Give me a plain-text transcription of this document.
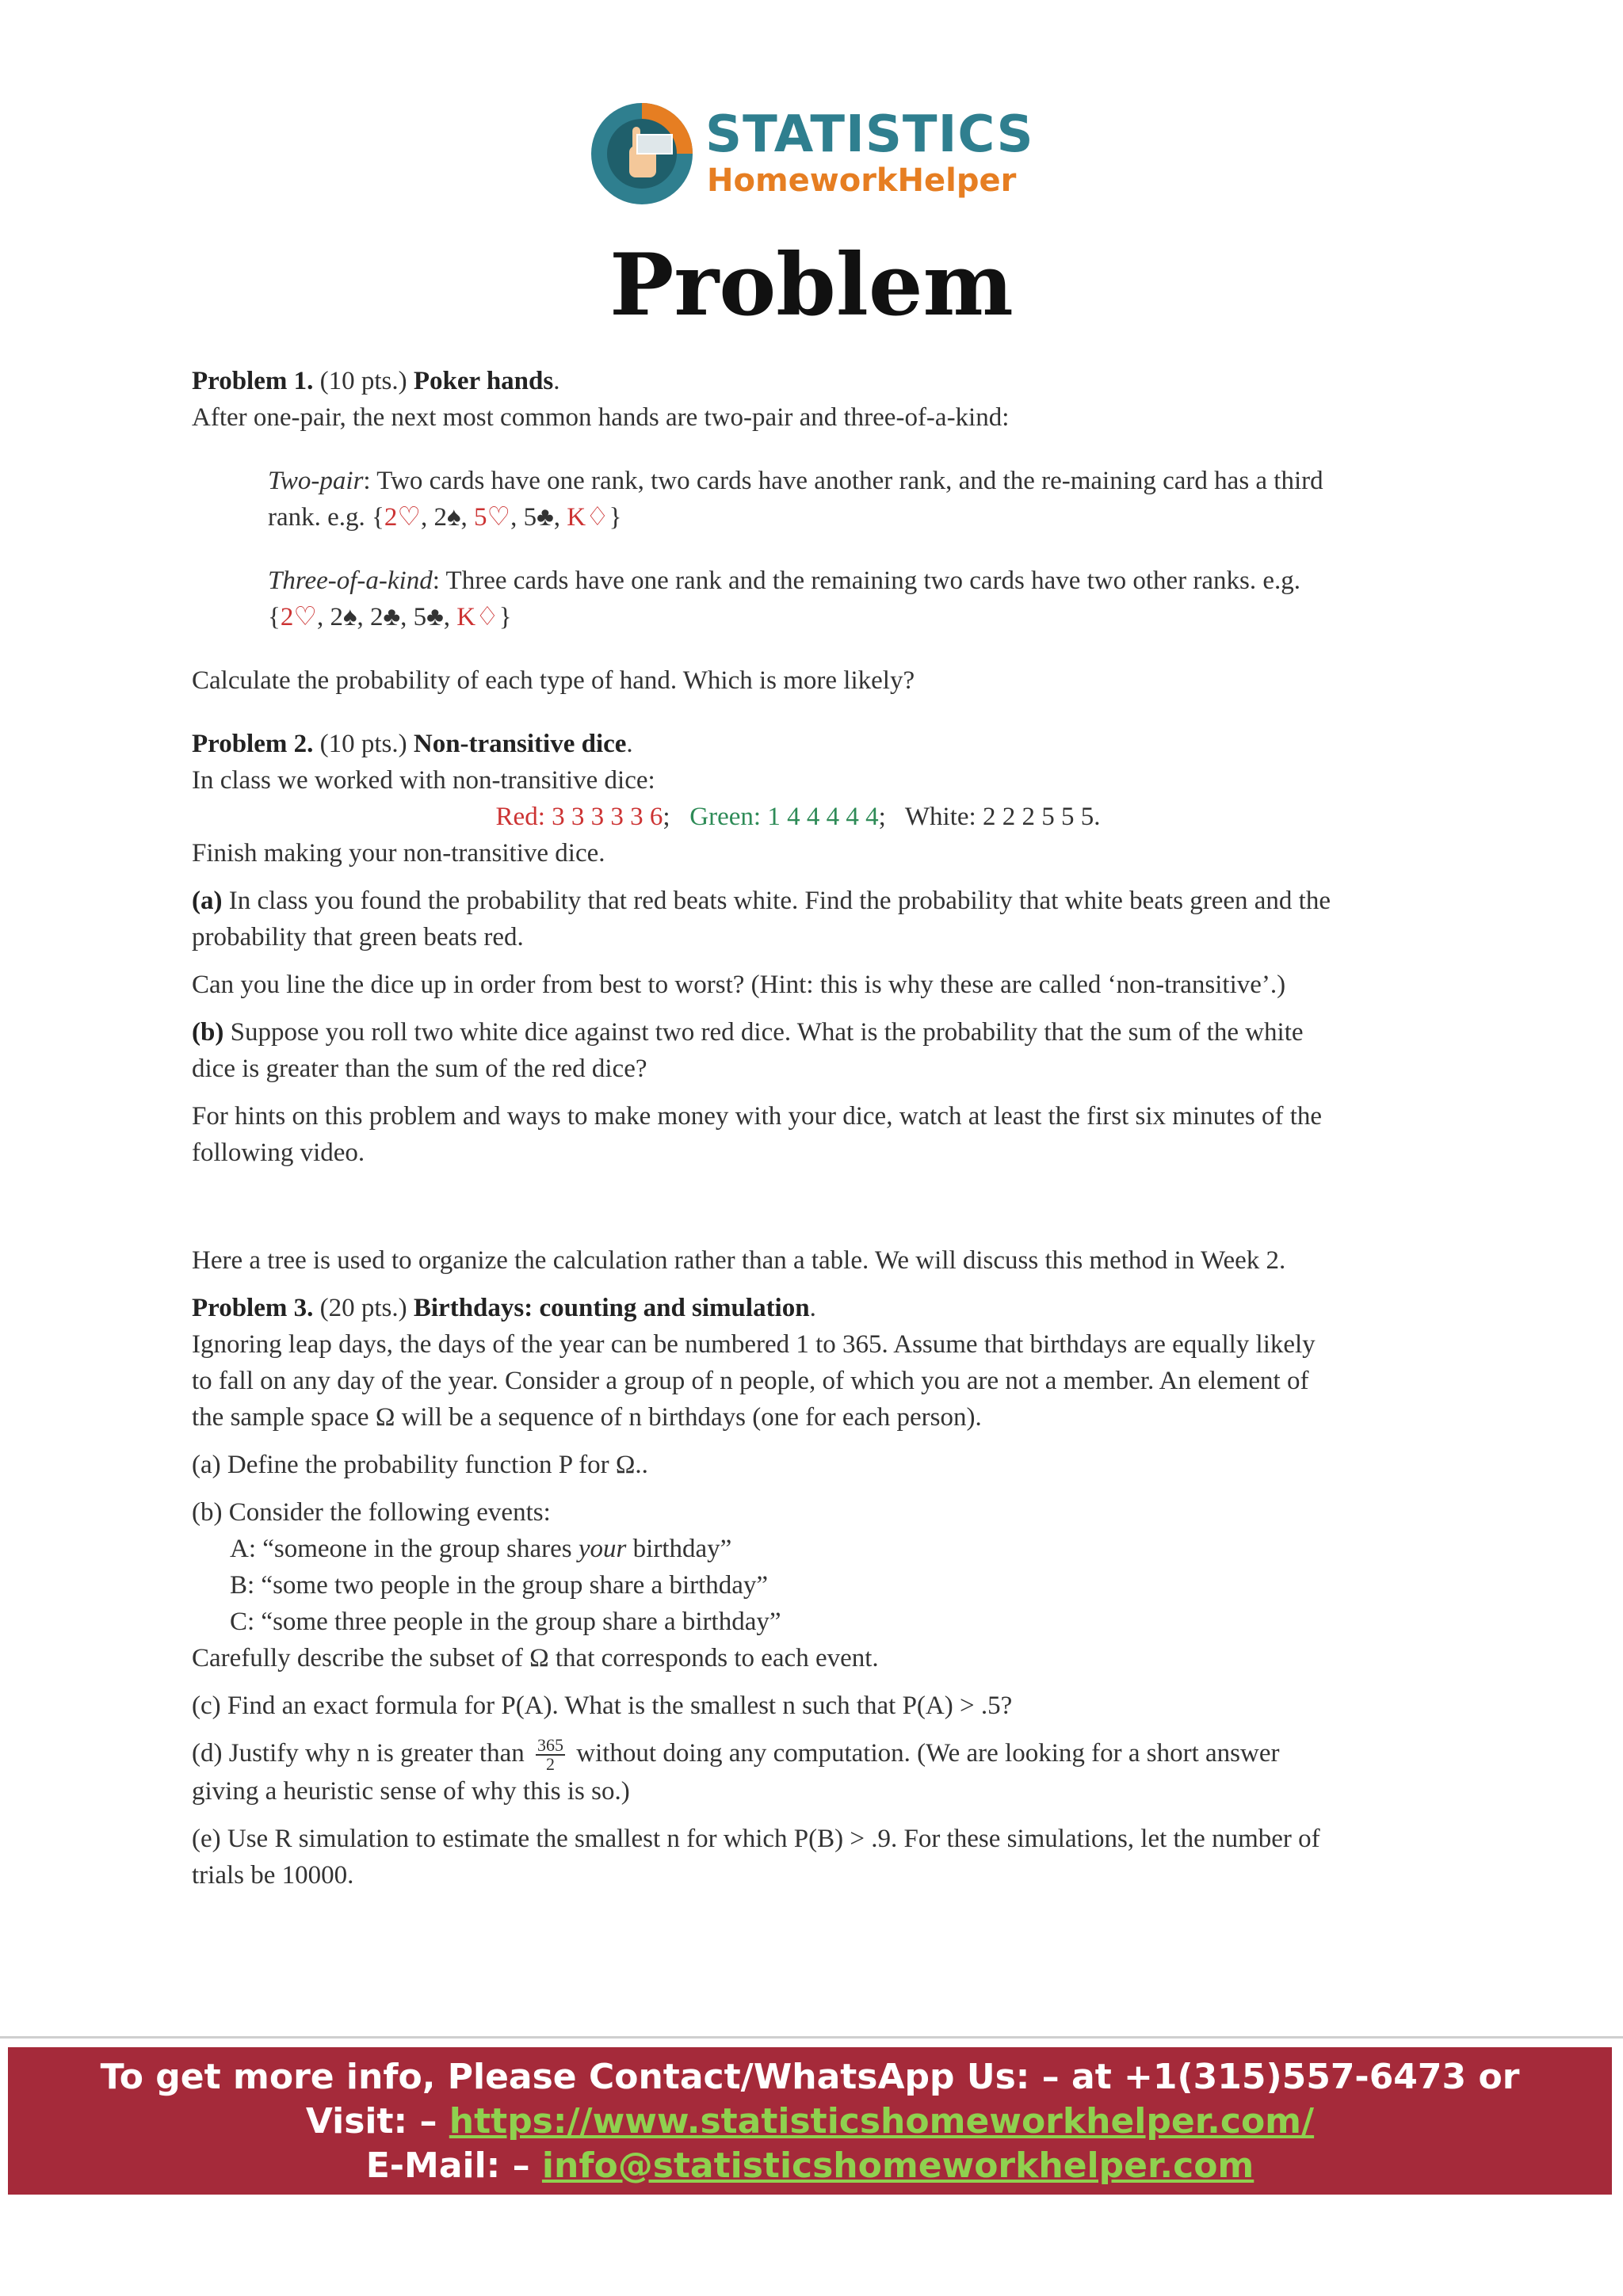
STATISTICS
HomeworkHelper
Problem

Problem 1. (10 pts.) Poker hands.

After one-pair, the next most common hands are two-pair and three-of-a-kind:

Two-pair: Two cards have one rank, two cards have another rank, and the re-maining card has a third rank. e.g. {2♡, 2♠, 5♡, 5♣, K♢}

Three-of-a-kind: Three cards have one rank and the remaining two cards have two other ranks. e.g. {2♡, 2♠, 2♣, 5♣, K♢}

Calculate the probability of each type of hand. Which is more likely?

Problem 2. (10 pts.) Non-transitive dice.

In class we worked with non-transitive dice:

Red: 3 3 3 3 3 6;   Green: 1 4 4 4 4 4;   White: 2 2 2 5 5 5.

Finish making your non-transitive dice.

(a) In class you found the probability that red beats white. Find the probability that white beats green and the probability that green beats red.

Can you line the dice up in order from best to worst? (Hint: this is why these are called ‘non-transitive’.)

(b) Suppose you roll two white dice against two red dice. What is the probability that the sum of the white dice is greater than the sum of the red dice?

For hints on this problem and ways to make money with your dice, watch at least the first six minutes of the following video.

Here a tree is used to organize the calculation rather than a table. We will discuss this method in Week 2.

Problem 3. (20 pts.) Birthdays: counting and simulation.

Ignoring leap days, the days of the year can be numbered 1 to 365. Assume that birthdays are equally likely to fall on any day of the year. Consider a group of n people, of which you are not a member. An element of the sample space Ω will be a sequence of n birthdays (one for each person).

(a) Define the probability function P for Ω..

(b) Consider the following events:

A: “someone in the group shares your birthday”

B: “some two people in the group share a birthday”

C: “some three people in the group share a birthday”

Carefully describe the subset of Ω that corresponds to each event.

(c) Find an exact formula for P(A). What is the smallest n such that P(A) > .5?

(d) Justify why n is greater than $\frac{365}{2}$ without doing any computation. (We are looking for a short answer giving a heuristic sense of why this is so.)

(e) Use R simulation to estimate the smallest n for which P(B) > .9. For these simulations, let the number of trials be 10000.

To get more info, Please Contact/WhatsApp Us: – at +1(315)557-6473 or
Visit: – https://www.statisticshomeworkhelper.com/
E-Mail: – info@statisticshomeworkhelper.com
